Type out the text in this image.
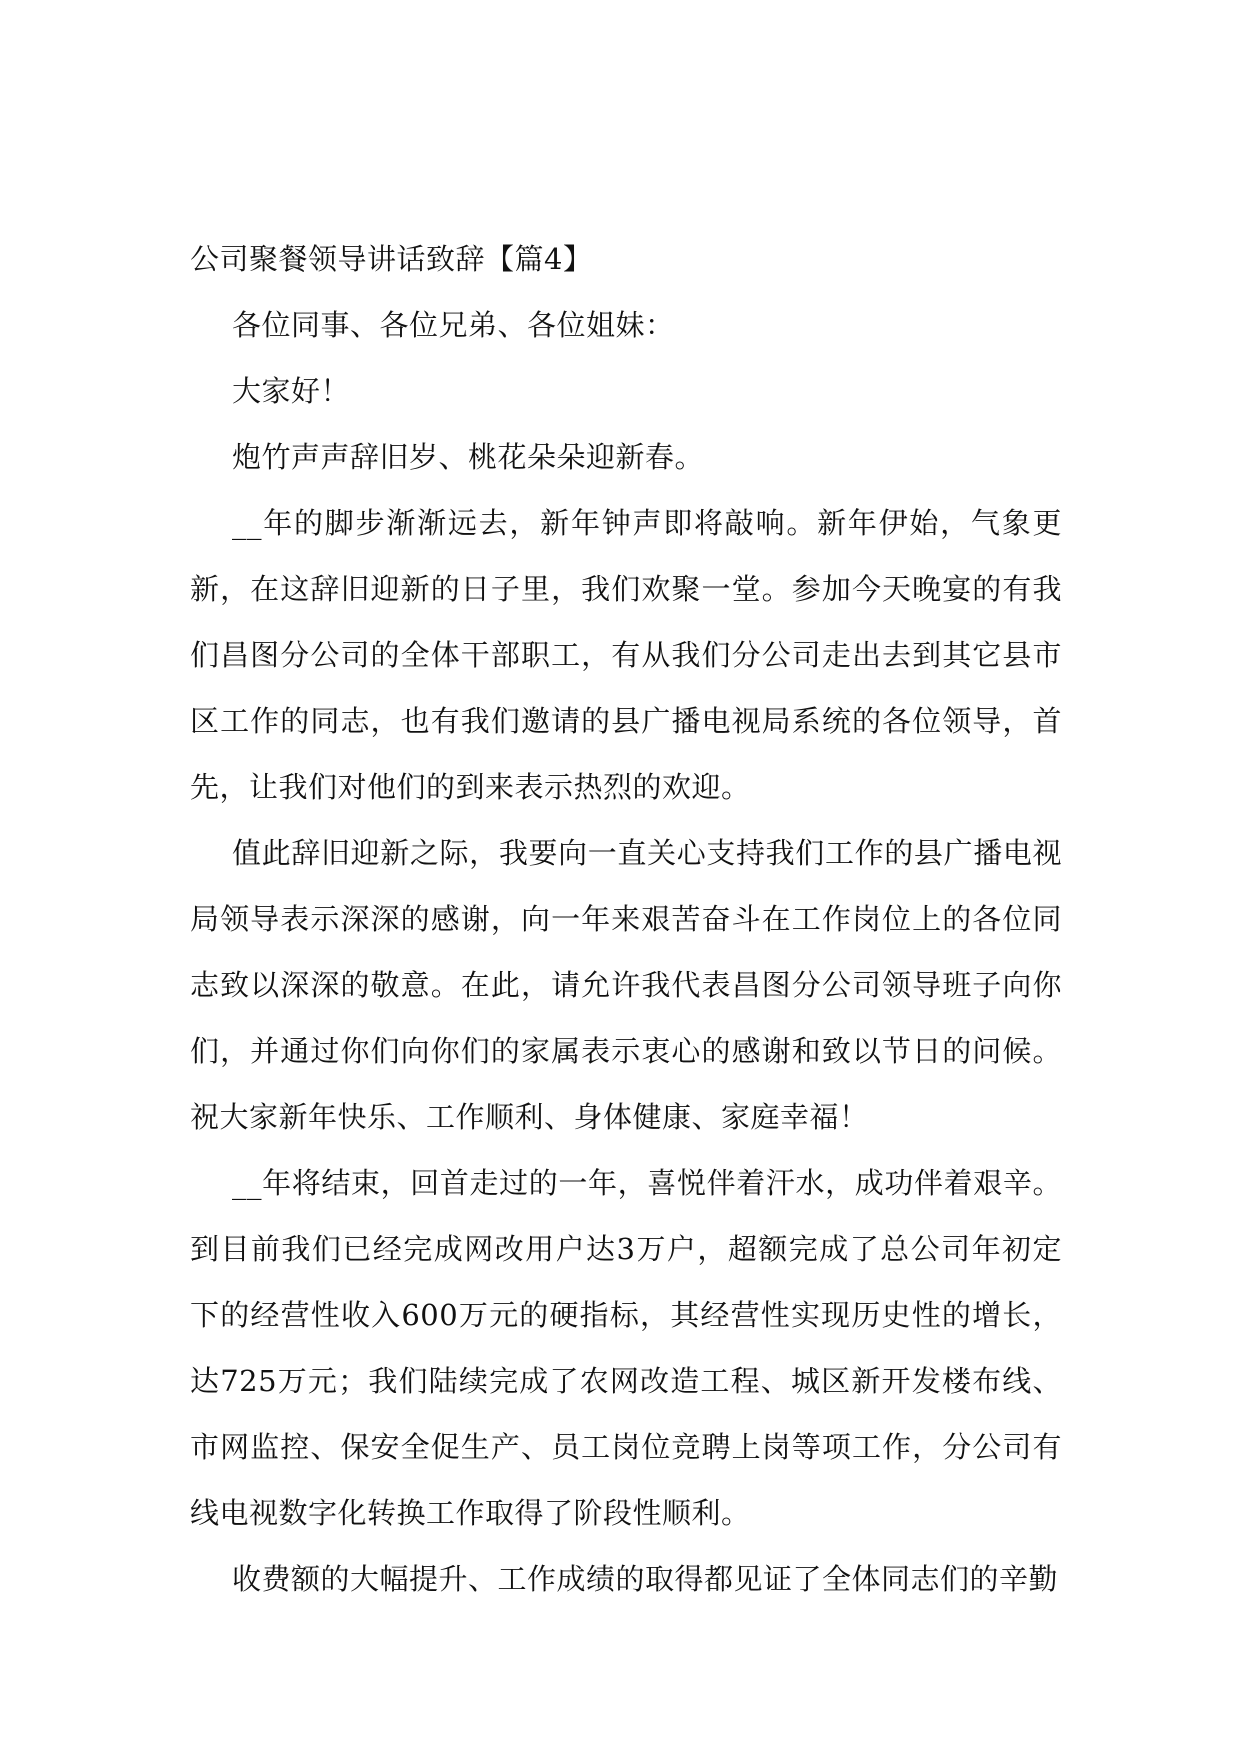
公司聚餐领导讲话致辞【篇4】

各位同事、各位兄弟、各位姐妹：

大家好！

炮竹声声辞旧岁、桃花朵朵迎新春。

__年的脚步渐渐远去，新年钟声即将敲响。新年伊始，气象更新，在这辞旧迎新的日子里，我们欢聚一堂。参加今天晚宴的有我们昌图分公司的全体干部职工，有从我们分公司走出去到其它县市区工作的同志，也有我们邀请的县广播电视局系统的各位领导，首先，让我们对他们的到来表示热烈的欢迎。

值此辞旧迎新之际，我要向一直关心支持我们工作的县广播电视局领导表示深深的感谢，向一年来艰苦奋斗在工作岗位上的各位同志致以深深的敬意。在此，请允许我代表昌图分公司领导班子向你们，并通过你们向你们的家属表示衷心的感谢和致以节日的问候。祝大家新年快乐、工作顺利、身体健康、家庭幸福！

__年将结束，回首走过的一年，喜悦伴着汗水，成功伴着艰辛。到目前我们已经完成网改用户达3万户，超额完成了总公司年初定下的经营性收入600万元的硬指标，其经营性实现历史性的增长，达725万元；我们陆续完成了农网改造工程、城区新开发楼布线、市网监控、保安全促生产、员工岗位竞聘上岗等项工作，分公司有线电视数字化转换工作取得了阶段性顺利。

收费额的大幅提升、工作成绩的取得都见证了全体同志们的辛勤
